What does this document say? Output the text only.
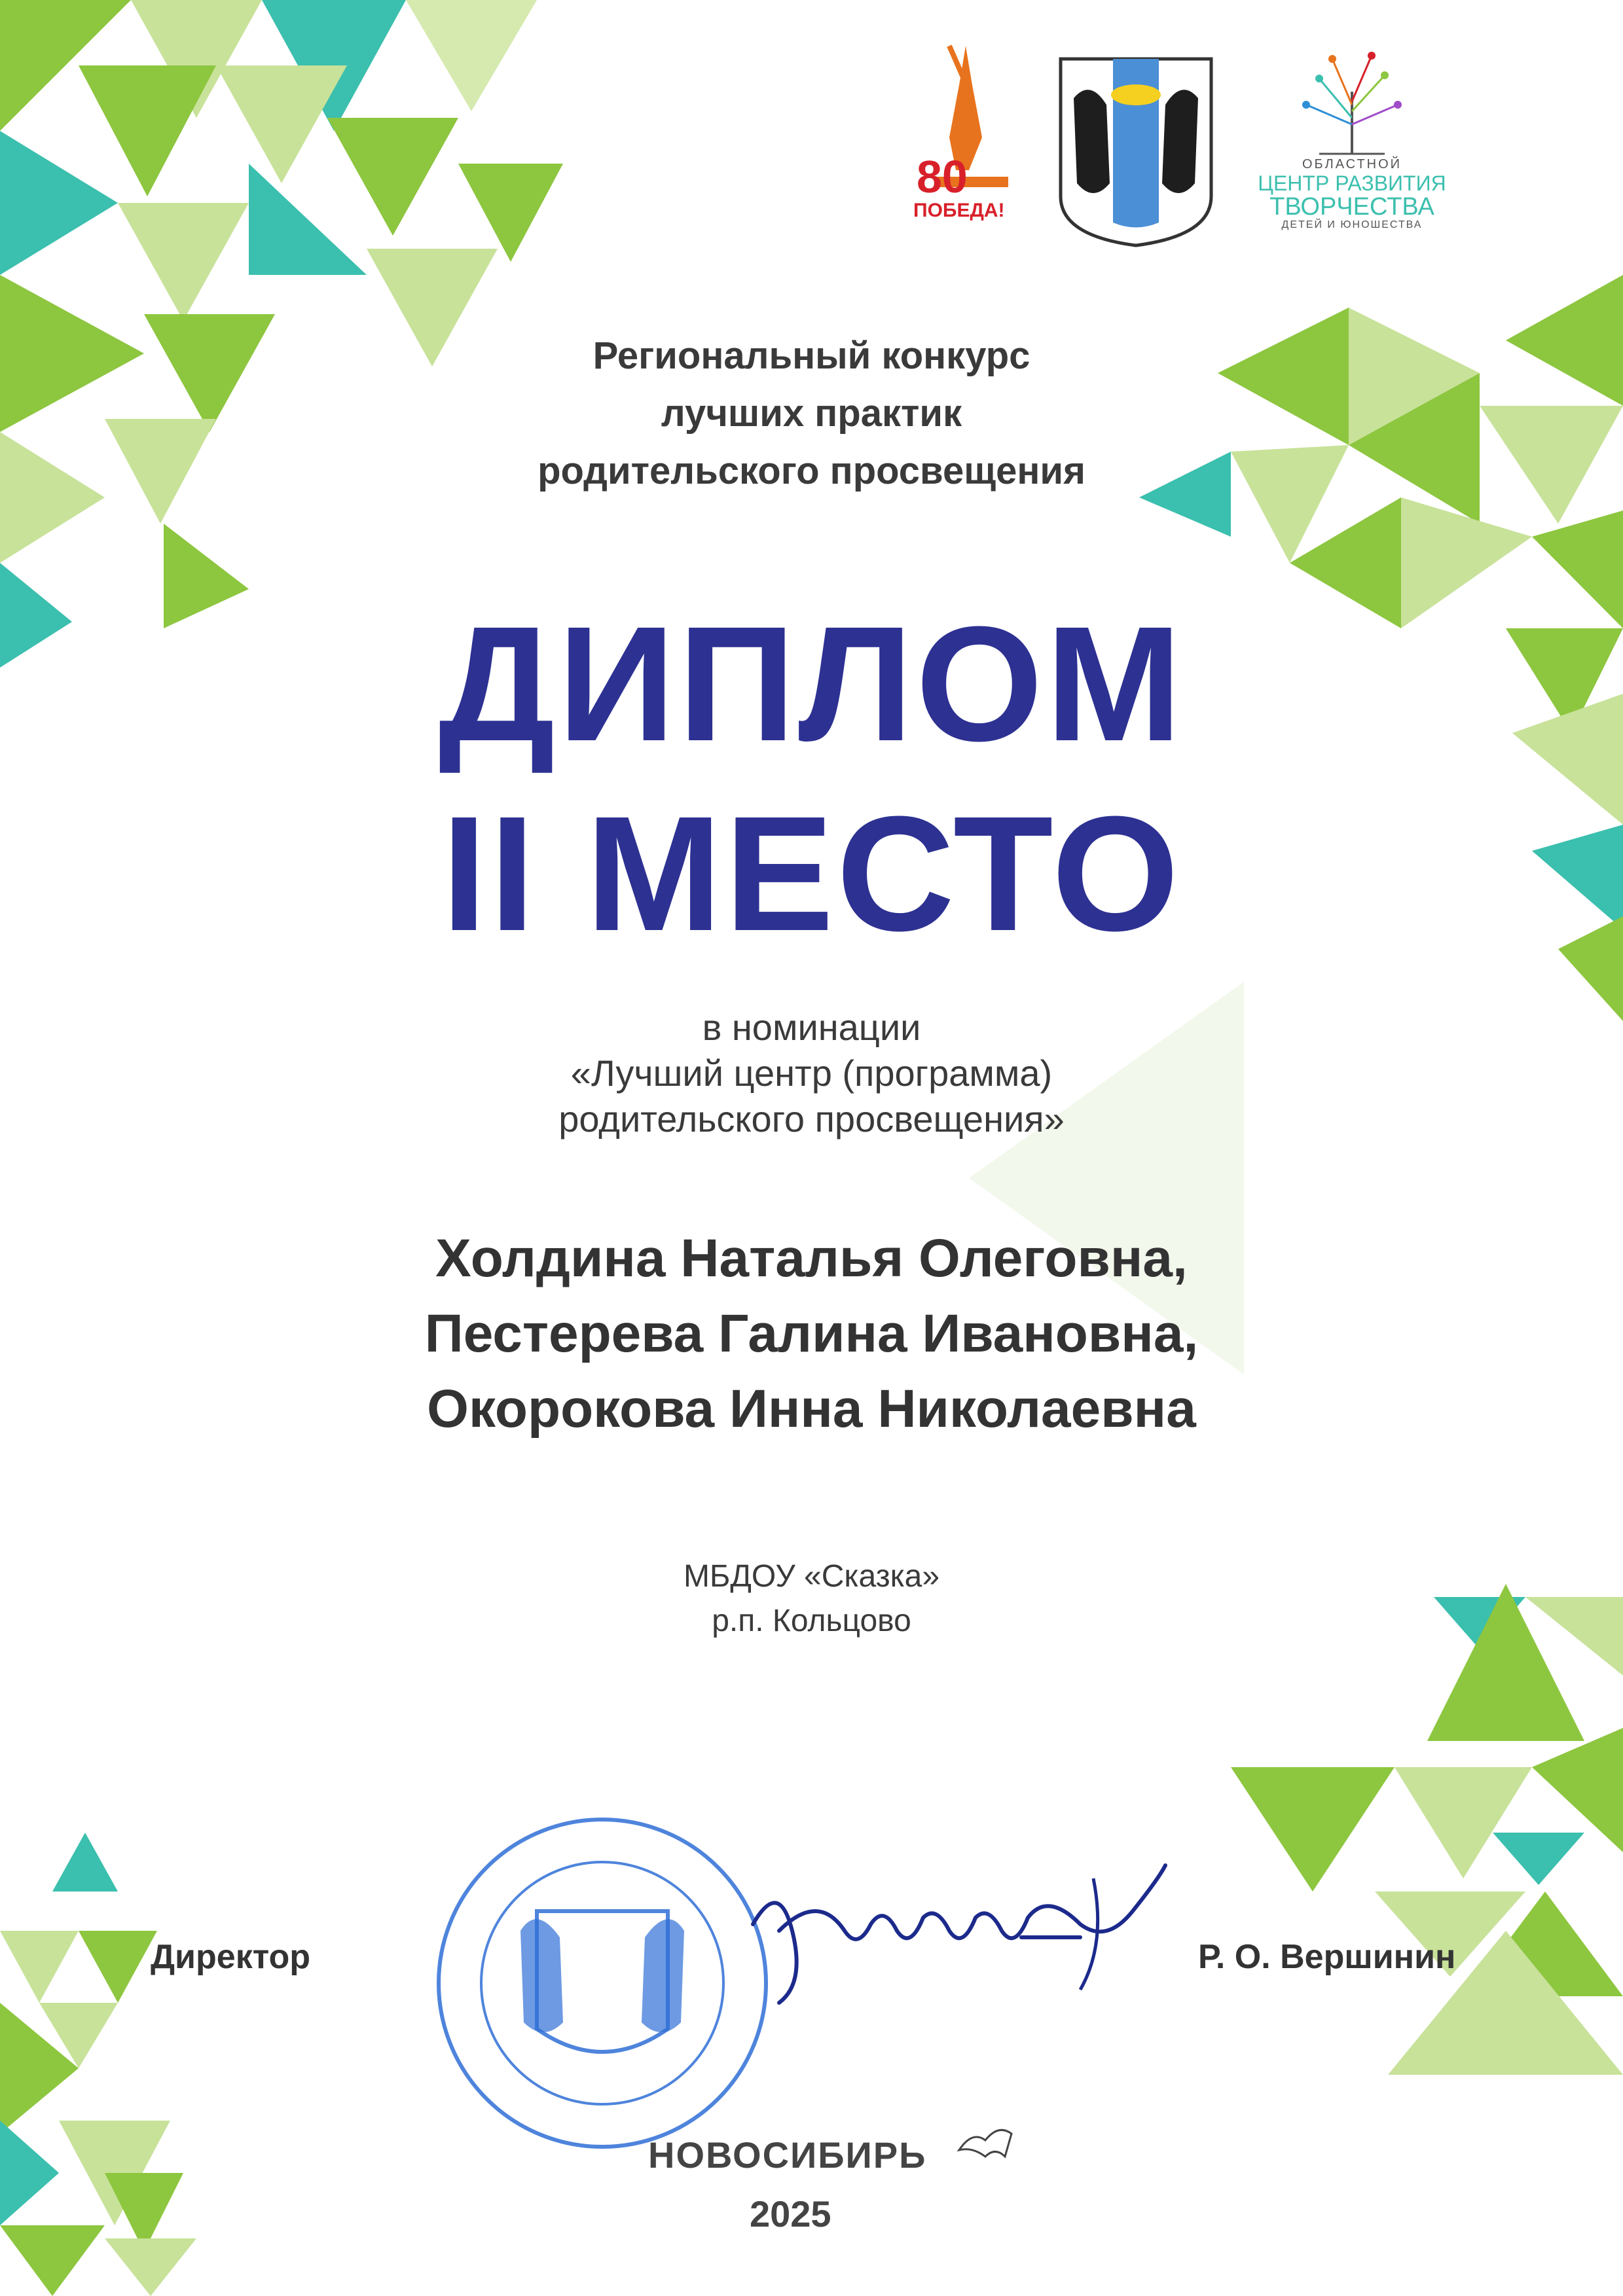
80
ПОБЕДА!
ОБЛАСТНОЙ
ЦЕНТР РАЗВИТИЯ
ТВОРЧЕСТВА
ДЕТЕЙ И ЮНОШЕСТВА
Региональный конкурс
лучших практик
родительского просвещения
ДИПЛОМ
II МЕСТО
в номинации
«Лучший центр (программа)
родительского просвещения»
Холдина Наталья Олеговна,
Пестерева Галина Ивановна,
Окорокова Инна Николаевна
МБДОУ «Сказка»
р.п. Кольцово
Директор	Р. О. Вершинин
НОВОСИБИРЬ
2025
